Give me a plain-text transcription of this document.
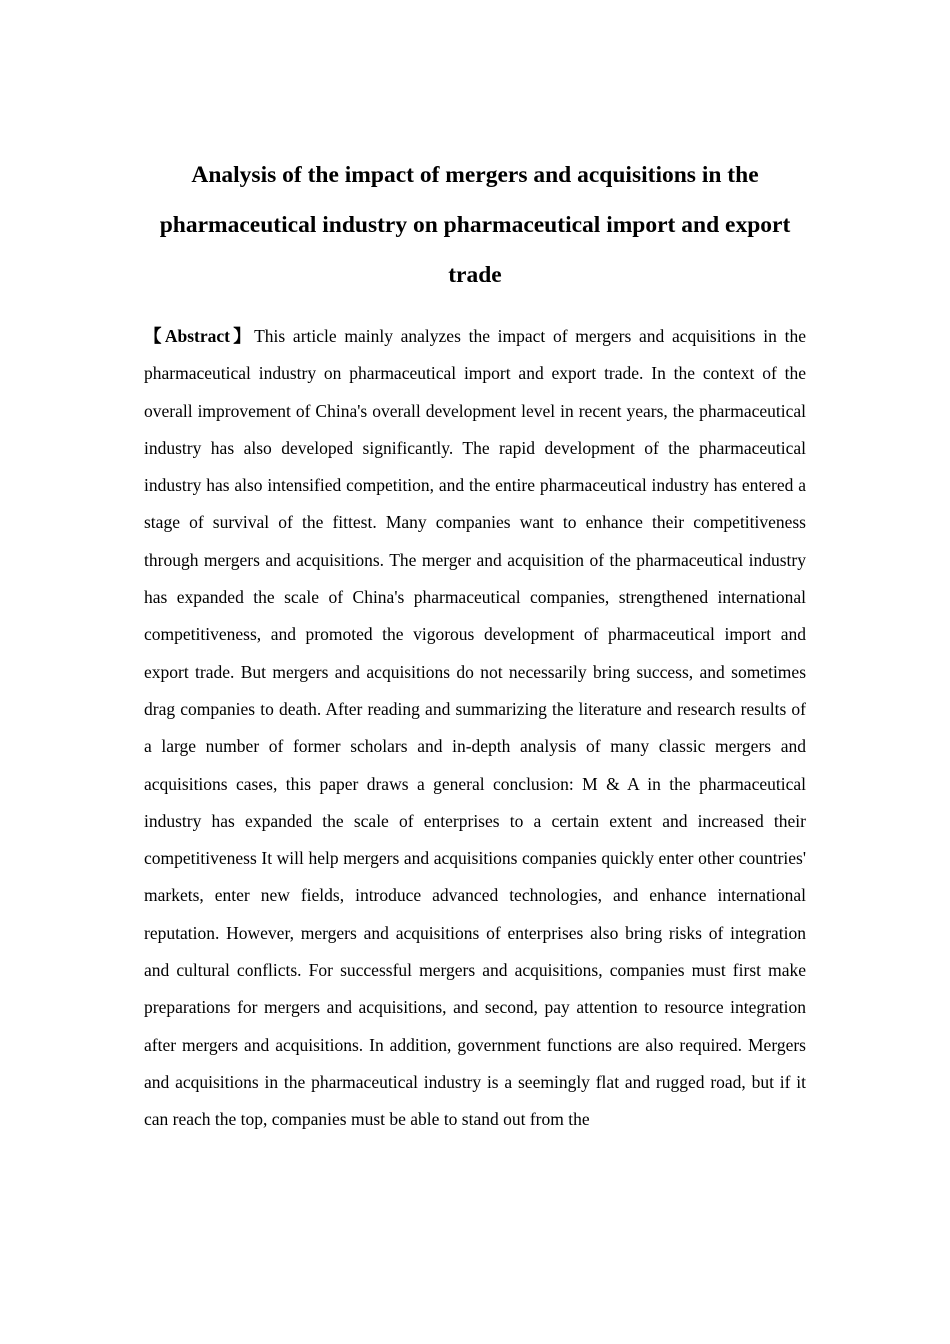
Analysis of the impact of mergers and acquisitions in the pharmaceutical industry on pharmaceutical import and export trade

【Abstract】This article mainly analyzes the impact of mergers and acquisitions in the pharmaceutical industry on pharmaceutical import and export trade. In the context of the overall improvement of China's overall development level in recent years, the pharmaceutical industry has also developed significantly. The rapid development of the pharmaceutical industry has also intensified competition, and the entire pharmaceutical industry has entered a stage of survival of the fittest. Many companies want to enhance their competitiveness through mergers and acquisitions. The merger and acquisition of the pharmaceutical industry has expanded the scale of China's pharmaceutical companies, strengthened international competitiveness, and promoted the vigorous development of pharmaceutical import and export trade. But mergers and acquisitions do not necessarily bring success, and sometimes drag companies to death. After reading and summarizing the literature and research results of a large number of former scholars and in-depth analysis of many classic mergers and acquisitions cases, this paper draws a general conclusion: M & A in the pharmaceutical industry has expanded the scale of enterprises to a certain extent and increased their competitiveness It will help mergers and acquisitions companies quickly enter other countries' markets, enter new fields, introduce advanced technologies, and enhance international reputation. However, mergers and acquisitions of enterprises also bring risks of integration and cultural conflicts. For successful mergers and acquisitions, companies must first make preparations for mergers and acquisitions, and second, pay attention to resource integration after mergers and acquisitions. In addition, government functions are also required. Mergers and acquisitions in the pharmaceutical industry is a seemingly flat and rugged road, but if it can reach the top, companies must be able to stand out from the
